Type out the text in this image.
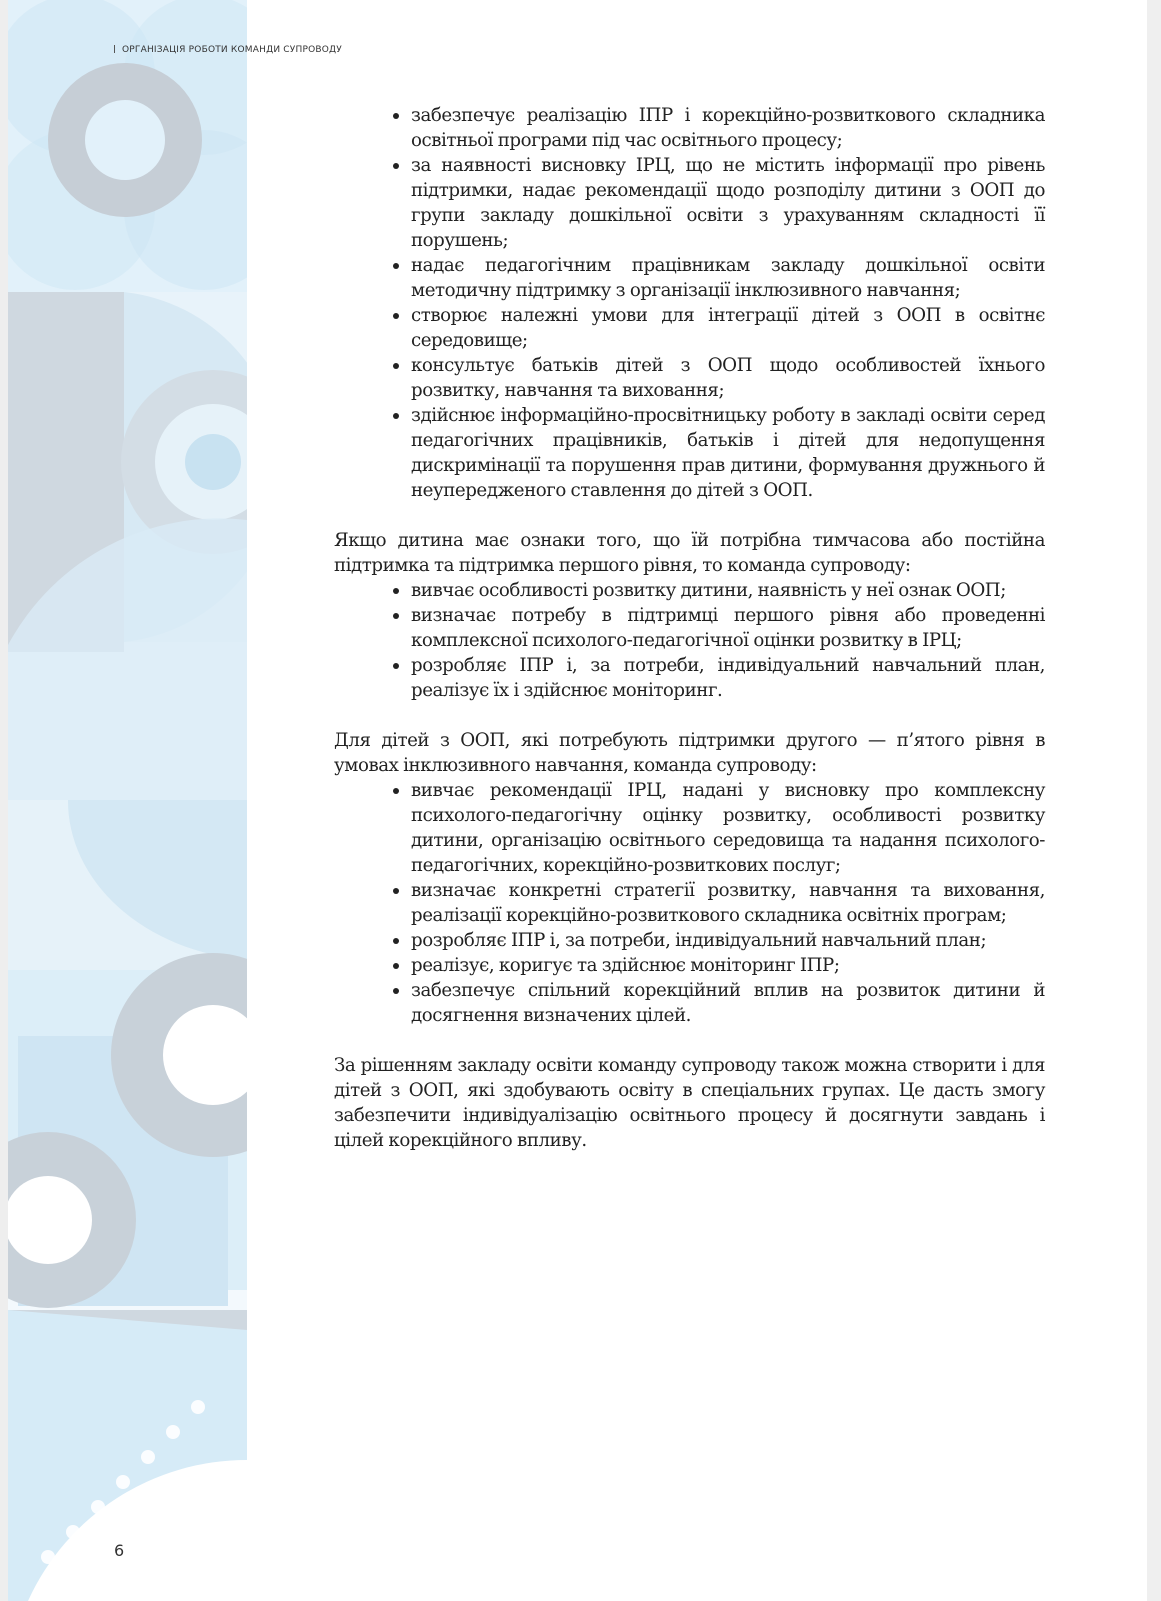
ОРГАНІЗАЦІЯ РОБОТИ КОМАНДИ СУПРОВОДУ
забезпечує реалізацію ІПР і корекційно-розвиткового складника освітньої програми під час освітнього процесу;
за наявності висновку ІРЦ, що не містить інформації про рівень підтримки, надає рекомендації щодо розподілу дитини з ООП до групи закладу дошкільної освіти з урахуванням складності її порушень;
надає педагогічним працівникам закладу дошкільної освіти методичну підтримку з організації інклюзивного навчання;
створює належні умови для інтеграції дітей з ООП в освітнє середовище;
консультує батьків дітей з ООП щодо особливостей їхнього розвитку, навчання та виховання;
здійснює інформаційно-просвітницьку роботу в закладі освіти серед педагогічних працівників, батьків і дітей для недопущення дискримінації та порушення прав дитини, формування дружнього й неупередженого ставлення до дітей з ООП.

Якщо дитина має ознаки того, що їй потрібна тимчасова або постійна підтримка та підтримка першого рівня, то команда супроводу:

вивчає особливості розвитку дитини, наявність у неї ознак ООП;
визначає потребу в підтримці першого рівня або проведенні комплексної психолого-педагогічної оцінки розвитку в ІРЦ;
розробляє ІПР і, за потреби, індивідуальний навчальний план, реалізує їх і здійснює моніторинг.

Для дітей з ООП, які потребують підтримки другого — п’ятого рівня в умовах інклюзивного навчання, команда супроводу:

вивчає рекомендації ІРЦ, надані у висновку про комплексну психолого-педагогічну оцінку розвитку, особливості розвитку дитини, організацію освітнього середовища та надання психолого-педагогічних, корекційно-розвиткових послуг;
визначає конкретні стратегії розвитку, навчання та виховання, реалізації корекційно-розвиткового складника освітніх програм;
розробляє ІПР і, за потреби, індивідуальний навчальний план;
реалізує, коригує та здійснює моніторинг ІПР;
забезпечує спільний корекційний вплив на розвиток дитини й досягнення визначених цілей.

За рішенням закладу освіти команду супроводу також можна створити і для дітей з ООП, які здобувають освіту в спеціальних групах. Це дасть змогу забезпечити індивідуалізацію освітнього процесу й досягнути завдань і цілей корекційного впливу.

6
